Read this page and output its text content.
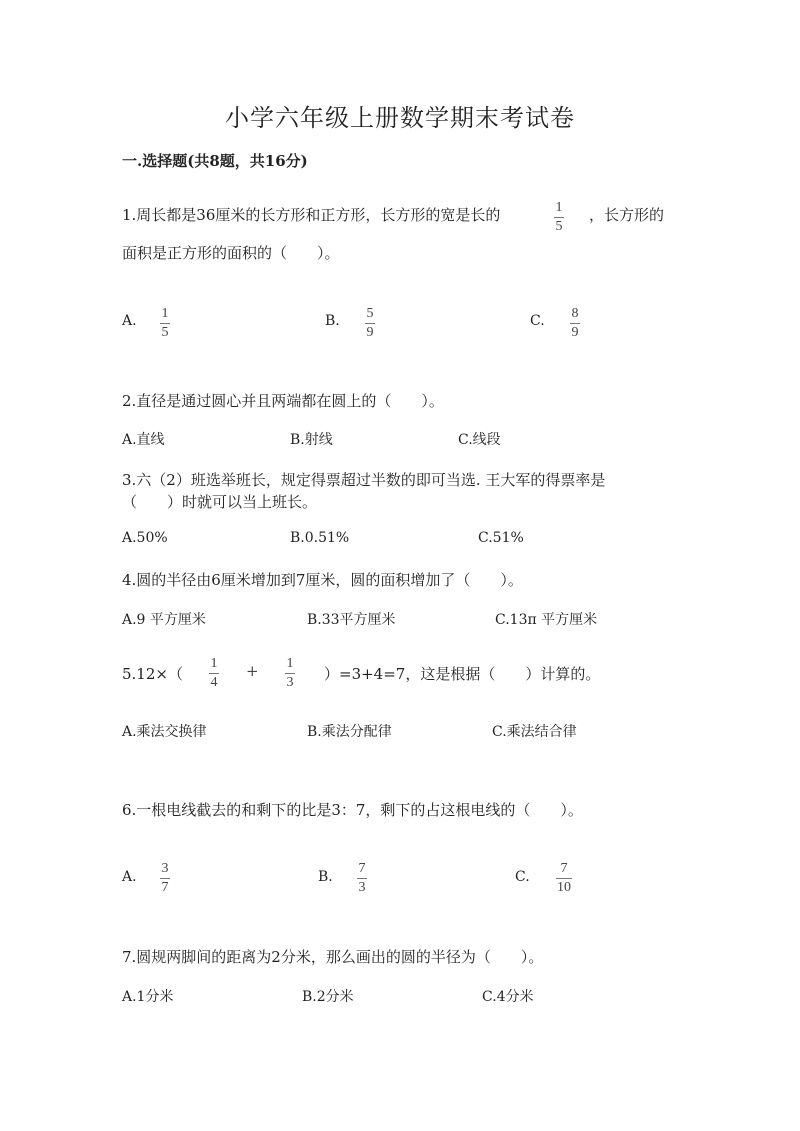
小学六年级上册数学期末考试卷
一.选择题(共8题，共16分)
1.周长都是36厘米的长方形和正方形，长方形的宽是长的	1
5
，长方形的
面积是正方形的面积的（　　）。
A. 1
5
B. 5
9
C. 8
9
2.直径是通过圆心并且两端都在圆上的（　　）。
A.直线	B.射线	C.线段
3.六（2）班选举班长，规定得票超过半数的即可当选. 王大军的得票率是
（　　）时就可以当上班长。
A.50%	B.0.51%	C.51%
4.圆的半径由6厘米增加到7厘米，圆的面积增加了（　　）。
A.9 平方厘米	B.33平方厘米	C.13π 平方厘米
5.12×（
1
4
+ 1
3 ）=3+4=7，这是根据（　　）计算的。
A.乘法交换律	B.乘法分配律	C.乘法结合律
6.一根电线截去的和剩下的比是3：7，剩下的占这根电线的（　　）。
A.
3
7
B.
7
3
C.
7
10
7.圆规两脚间的距离为2分米，那么画出的圆的半径为（　　）。
A.1分米	B.2分米	C.4分米
